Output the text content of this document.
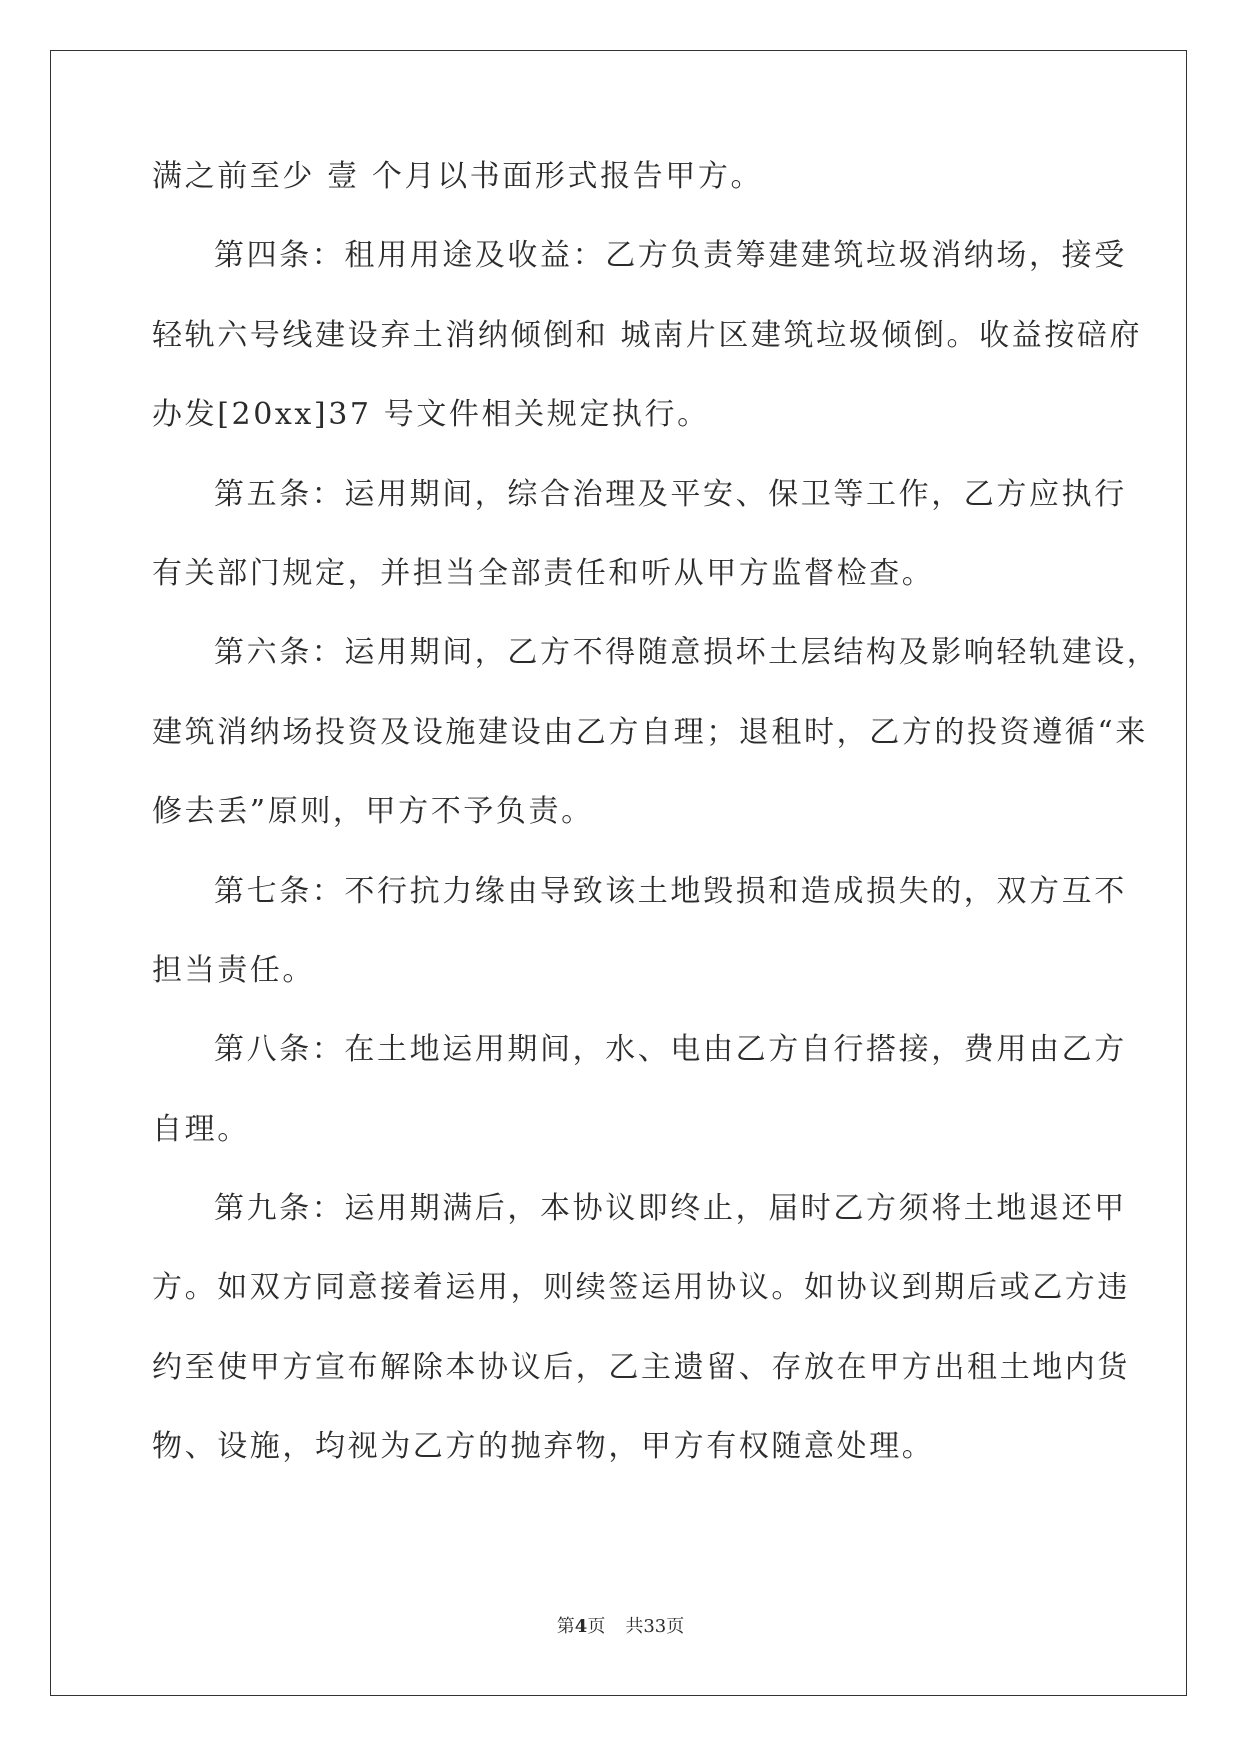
满之前至少 壹 个月以书面形式报告甲方。
第四条：租用用途及收益：乙方负责筹建建筑垃圾消纳场，接受
轻轨六号线建设弃土消纳倾倒和 城南片区建筑垃圾倾倒。收益按碚府
办发[20xx]37 号文件相关规定执行。
第五条：运用期间，综合治理及平安、保卫等工作，乙方应执行
有关部门规定，并担当全部责任和听从甲方监督检查。
第六条：运用期间，乙方不得随意损坏土层结构及影响轻轨建设，
建筑消纳场投资及设施建设由乙方自理；退租时，乙方的投资遵循“来
修去丢”原则，甲方不予负责。
第七条：不行抗力缘由导致该土地毁损和造成损失的，双方互不
担当责任。
第八条：在土地运用期间，水、电由乙方自行搭接，费用由乙方
自理。
第九条：运用期满后，本协议即终止，届时乙方须将土地退还甲
方。如双方同意接着运用，则续签运用协议。如协议到期后或乙方违
约至使甲方宣布解除本协议后，乙主遗留、存放在甲方出租土地内货
物、设施，均视为乙方的抛弃物，甲方有权随意处理。
第4页 共33页
